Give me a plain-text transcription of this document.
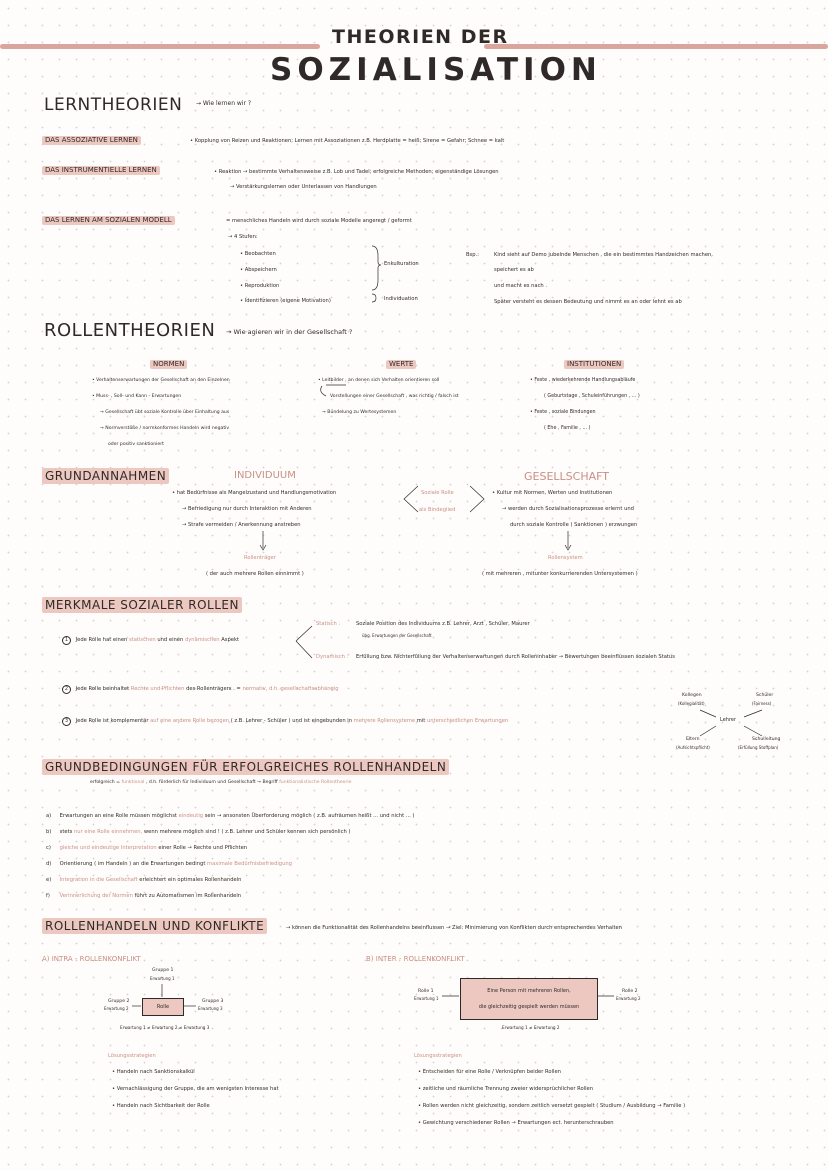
THEORIEN DER
SOZIALISATION
LERNTHEORIEN → Wie lernen wir ?
DAS ASSOZIATIVE LERNEN	• Kopplung von Reizen und Reaktionen; Lernen mit Assoziationen z.B. Herdplatte = heiß; Sirene = Gefahr; Schnee = kalt
DAS INSTRUMENTIELLE LERNEN	• Reaktion → bestimmte Verhaltensweise z.B. Lob und Tadel; erfolgreiche Methoden; eigenständige Lösungen
→ Verstärkungslernen oder Unterlassen von Handlungen
DAS LERNEN AM SOZIALEN MODELL	= menschliches Handeln wird durch soziale Modelle angeregt / geformt
→ 4 Stufen:
• Beobachten
• Abspeichern
• Reproduktion
• Identifizieren (eigene Motivation)
Enkulturation
Individuation
Bsp.:	Kind sieht auf Demo jubelnde Menschen , die ein bestimmtes Handzeichen machen,
speichert es ab
und macht es nach .
Später versteht es dessen Bedeutung und nimmt es an oder lehnt es ab
ROLLENTHEORIEN → Wie agieren wir in der Gesellschaft ?
NORMEN
• Verhaltenserwartungen der Gesellschaft an den Einzelnen
• Muss- , Soll- und Kann - Erwartungen
→ Gesellschaft übt soziale Kontrolle über Einhaltung aus
→ Normverstöße / normkonformes Handeln wird negativ
oder positiv sanktioniert
WERTE
• Leitbilder , an denen sich Verhalten orientieren soll
Vorstellungen einer Gesellschaft , was richtig / falsch ist
→ Bündelung zu Wertesystemen
INSTITUTIONEN
• Feste , wiederkehrende Handlungsabläufe
( Geburtstage , Schuleinführungen , ... )
• Feste , soziale Bindungen
( Ehe , Familie , ... )
GRUNDANNAHMEN	INDIVIDUUM	GESELLSCHAFT
• hat Bedürfnisse als Mangelzustand und Handlungsmotivation
→ Befriedigung nur durch Interaktion mit Anderen
→ Strafe vermeiden / Anerkennung anstreben
Soziale Rolle
als Bindeglied
• Kultur mit Normen, Werten und Institutionen
→ werden durch Sozialisationsprozesse erlernt und
durch soziale Kontrolle ( Sanktionen ) erzwungen
Rollenträger
( der auch mehrere Rollen einnimmt )
Rollensystem
( mit mehreren , mitunter konkurrierenden Untersystemen )
MERKMALE SOZIALER ROLLEN
1 Jede Rolle hat einen statischen und einen dynamischen Aspekt
Statisch :	Soziale Position des Individuums z.B. Lehrer, Arzt , Schüler, Maurer
übg. Erwartungen der Gesellschaft
Dynamisch : Erfüllung bzw. Nichterfüllung der Verhaltenserwartungen durch Rolleninhaber → Bewertungen beeinflussen sozialen Status
2 Jede Rolle beinhaltet Rechte und Pflichten des Rollenträgers . = normativ, d.h. gesellschaftsabhängig
3 Jede Rolle ist komplementär auf eine andere Rolle bezogen ( z.B. Lehrer - Schüler ) und ist eingebunden in mehrere Rollensysteme mit unterschiedlichen Erwartungen
Kollegen
(Kollegialität)
Schüler
(Fairness)
Lehrer
Eltern
(Aufsichtspflicht)
Schulleitung
(Erfüllung Stoffplan)
GRUNDBEDINGUNGEN FÜR ERFOLGREICHES ROLLENHANDELN
erfolgreich = funktional , d.h. förderlich für Individuum und Gesellschaft → Begriff funktionalistische Rollentheorie
a) Erwartungen an eine Rolle müssen möglichst eindeutig sein → ansonsten Überforderung möglich ( z.B. aufräumen heißt ... und nicht ... )
b) stets nur eine Rolle einnehmen, wenn mehrere möglich sind ! ( z.B. Lehrer und Schüler kennen sich persönlich )
c) gleiche und eindeutige Interpretation einer Rolle → Rechte und Pflichten
d) Orientierung ( im Handeln ) an die Erwartungen bedingt maximale Bedürfnisbefriedigung
e) Integration in die Gesellschaft erleichtert ein optimales Rollenhandeln
f) Verinnerlichung der Normen führt zu Automatismen im Rollenhandeln
ROLLENHANDELN UND KONFLIKTE	→ können die Funktionalität des Rollenhandelns beeinflussen → Ziel: Minimierung von Konflikten durch entsprechendes Verhalten
A) INTRA - ROLLENKONFLIKT
Gruppe 1
Erwartung 1
Rolle
Gruppe 2
Erwartung 2
Gruppe 3
Erwartung 3
Erwartung 1 ≠ Erwartung 2 ≠ Erwartung 3
Lösungsstrategien
• Handeln nach Sanktionskalkül
• Vernachlässigung der Gruppe, die am wenigsten Interesse hat
• Handeln nach Sichtbarkeit der Rolle
B) INTER - ROLLENKONFLIKT
Eine Person mit mehreren Rollen,
die gleichzeitig gespielt werden müssen
Rolle 1
Erwartung 1
Rolle 2
Erwartung 2
Erwartung 1 ≠ Erwartung 2
Lösungsstrategien
• Entscheiden für eine Rolle / Verknüpfen beider Rollen
• zeitliche und räumliche Trennung zweier widersprüchlicher Rollen
• Rollen werden nicht gleichzeitig, sondern zeitlich versetzt gespielt ( Studium / Ausbildung → Familie )
• Gewichtung verschiedener Rollen → Erwartungen ect. herunterschrauben
